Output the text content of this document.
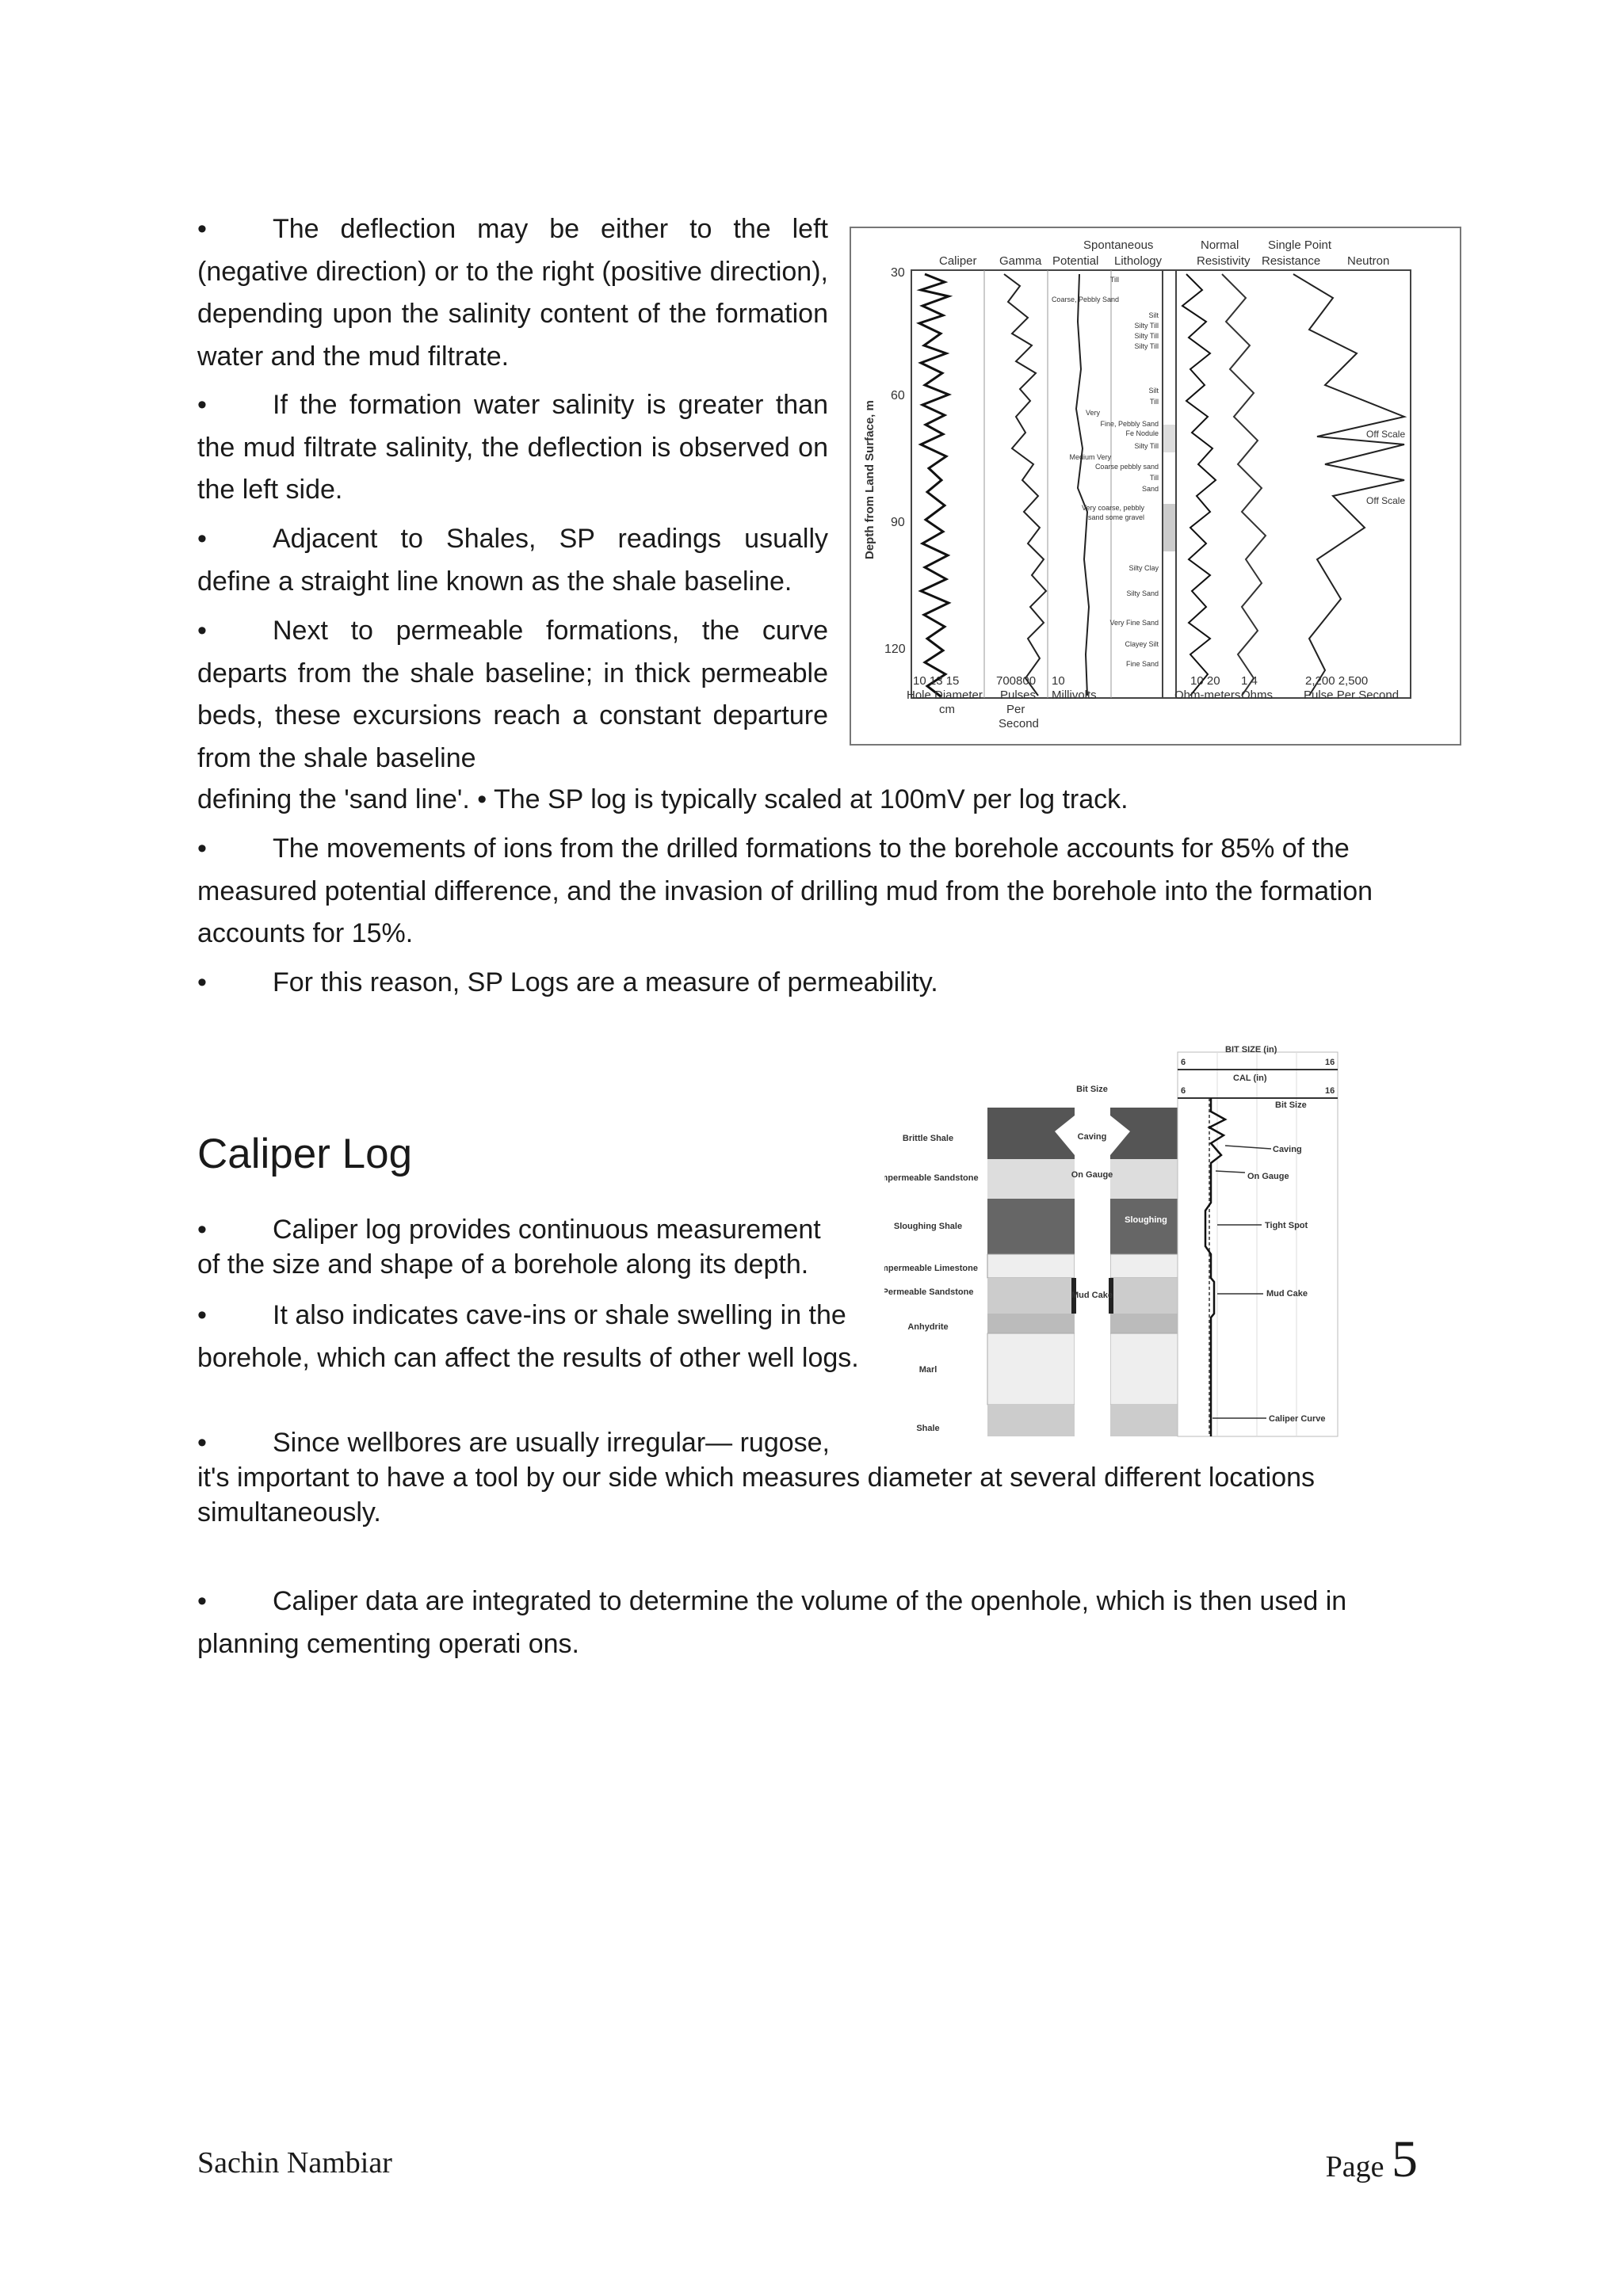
• The deflection may be either to the left (negative direction) or to the right (positive direction), depending upon the salinity content of the formation water and the mud filtrate.

• If the formation water salinity is greater than the mud filtrate salinity, the deflection is observed on the left side.

• Adjacent to Shales, SP readings usually define a straight line known as the shale baseline.

• Next to permeable formations, the curve departs from the shale baseline; in thick permeable beds, these excursions reach a constant departure from the shale baseline

defining the 'sand line'. • The SP log is typically scaled at 100mV per log track.

• The movements of ions from the drilled formations to the borehole accounts for 85% of the measured potential difference, and the invasion of drilling mud from the borehole into the formation accounts for 15%.

• For this reason, SP Logs are a measure of permeability.

Spontaneous
Caliper Gamma Potential Lithology
Normal
Resistivity
Single Point
Resistance Neutron
30
60
90
120
Depth from Land Surface, m	Off Scale
Off Scale
Till
Coarse, Pebbly Sand
Silt
Silty Till
Silty Till
Silty Till
Silt
Till
Very
Fine, Pebbly Sand
Fe Nodule
Silty Till
Medium Very
Coarse pebbly sand
Till
Sand
Very coarse, pebbly
sand some gravel
Silty Clay
Silty Sand
Very Fine Sand
Clayey Silt
Fine Sand
10 13 15
Hole Diameter
cm
700800
Pulses
Per
Second
10
Millivolts
10 20
Ohm-meters
1 4
Ohms
2,200 2,500
Pulse Per Second
Caliper Log

• Caliper log provides continuous measurement
of the size and shape of a borehole along its depth.

• It also indicates cave-ins or shale swelling in the borehole, which can affect the results of other well logs.

• Since wellbores are usually irregular— rugose,
it's important to have a tool by our side which measures diameter at several different locations simultaneously.

• Caliper data are integrated to determine the volume of the openhole, which is then used in planning cementing operati ons.

Brittle Shale
Impermeable Sandstone
Sloughing Shale
Impermeable Limestone
Permeable Sandstone
Anhydrite
Marl
Shale
Bit Size
Caving
On Gauge
Sloughing
Mud Cake
BIT SIZE (in)
6	16
CAL (in)
6	16
Bit Size
Caving
On Gauge
Tight Spot
Mud Cake
Caliper Curve
Sachin Nambiar	Page 5
